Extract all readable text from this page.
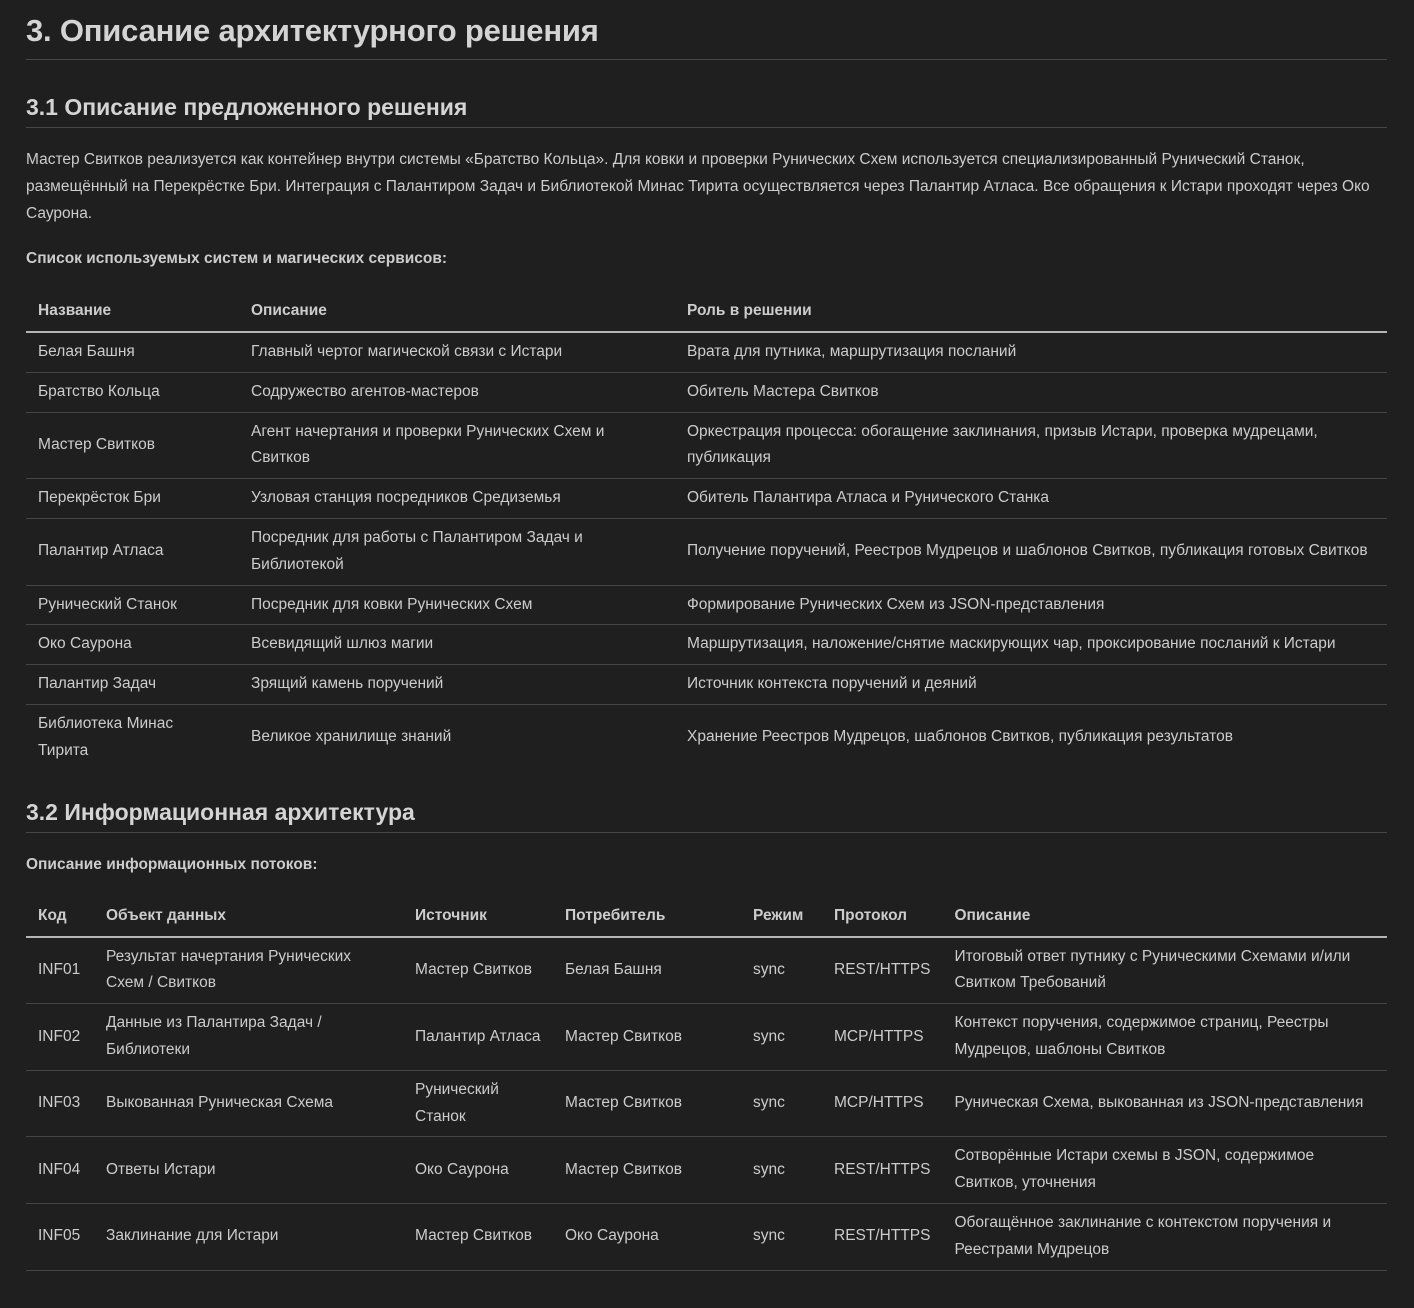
3. Описание архитектурного решения
3.1 Описание предложенного решения

Мастер Свитков реализуется как контейнер внутри системы «Братство Кольца». Для ковки и проверки Рунических Схем используется специализированный Рунический Станок, размещённый на Перекрёстке Бри. Интеграция с Палантиром Задач и Библиотекой Минас Тирита осуществляется через Палантир Атласа. Все обращения к Истари проходят через Око Саурона.

Список используемых систем и магических сервисов:

Название	Описание	Роль в решении
Белая Башня	Главный чертог магической связи с Истари	Врата для путника, маршрутизация посланий
Братство Кольца	Содружество агентов-мастеров	Обитель Мастера Свитков
Мастер Свитков	Агент начертания и проверки Рунических Схем и Свитков	Оркестрация процесса: обогащение заклинания, призыв Истари, проверка мудрецами, публикация
Перекрёсток Бри	Узловая станция посредников Средиземья	Обитель Палантира Атласа и Рунического Станка
Палантир Атласа	Посредник для работы с Палантиром Задач и Библиотекой	Получение поручений, Реестров Мудрецов и шаблонов Свитков, публикация готовых Свитков
Рунический Станок	Посредник для ковки Рунических Схем	Формирование Рунических Схем из JSON-представления
Око Саурона	Всевидящий шлюз магии	Маршрутизация, наложение/снятие маскирующих чар, проксирование посланий к Истари
Палантир Задач	Зрящий камень поручений	Источник контекста поручений и деяний
Библиотека Минас Тирита	Великое хранилище знаний	Хранение Реестров Мудрецов, шаблонов Свитков, публикация результатов
3.2 Информационная архитектура

Описание информационных потоков:

Код	Объект данных	Источник	Потребитель	Режим	Протокол	Описание
INF01	Результат начертания Рунических Схем / Свитков	Мастер Свитков	Белая Башня	sync	REST/HTTPS	Итоговый ответ путнику с Руническими Схемами и/или Свитком Требований
INF02	Данные из Палантира Задач / Библиотеки	Палантир Атласа	Мастер Свитков	sync	MCP/HTTPS	Контекст поручения, содержимое страниц, Реестры Мудрецов, шаблоны Свитков
INF03	Выкованная Руническая Схема	Рунический Станок	Мастер Свитков	sync	MCP/HTTPS	Руническая Схема, выкованная из JSON-представления
INF04	Ответы Истари	Око Саурона	Мастер Свитков	sync	REST/HTTPS	Сотворённые Истари схемы в JSON, содержимое Свитков, уточнения
INF05	Заклинание для Истари	Мастер Свитков	Око Саурона	sync	REST/HTTPS	Обогащённое заклинание с контекстом поручения и Реестрами Мудрецов
